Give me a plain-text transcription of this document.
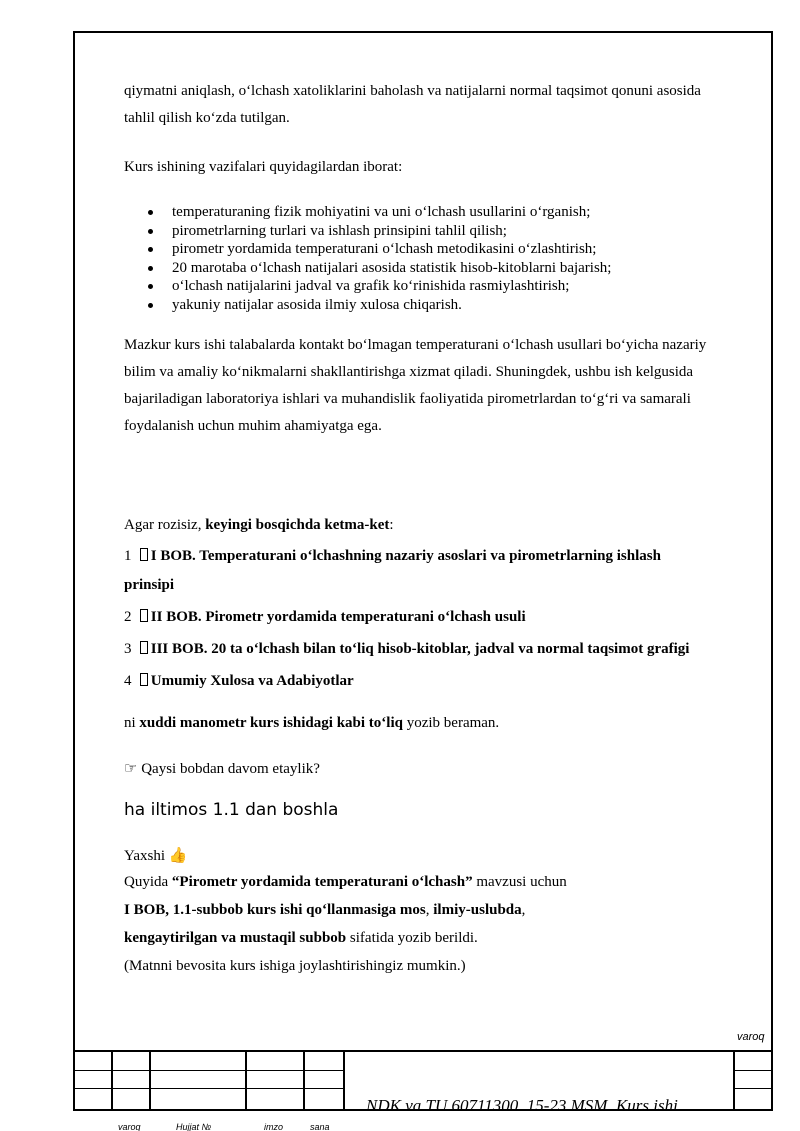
qiymatni aniqlash, o‘lchash xatoliklarini baholash va natijalarni normal taqsimot qonuni asosida tahlil qilish ko‘zda tutilgan.
Kurs ishining vazifalari quyidagilardan iborat:
temperaturaning fizik mohiyatini va uni o‘lchash usullarini o‘rganish;
pirometrlarning turlari va ishlash prinsipini tahlil qilish;
pirometr yordamida temperaturani o‘lchash metodikasini o‘zlashtirish;
20 marotaba o‘lchash natijalari asosida statistik hisob-kitoblarni bajarish;
o‘lchash natijalarini jadval va grafik ko‘rinishida rasmiylashtirish;
yakuniy natijalar asosida ilmiy xulosa chiqarish.
Mazkur kurs ishi talabalarda kontakt bo‘lmagan temperaturani o‘lchash usullari bo‘yicha nazariy bilim va amaliy ko‘nikmalarni shakllantirishga xizmat qiladi. Shuningdek, ushbu ish kelgusida bajariladigan laboratoriya ishlari va muhandislik faoliyatida pirometrlardan to‘g‘ri va samarali foydalanish uchun muhim ahamiyatga ega.
Agar rozisiz, keyingi bosqichda ketma-ket:
1 I BOB. Temperaturani o‘lchashning nazariy asoslari va pirometrlarning ishlash
prinsipi
2 II BOB. Pirometr yordamida temperaturani o‘lchash usuli
3 III BOB. 20 ta o‘lchash bilan to‘liq hisob-kitoblar, jadval va normal taqsimot grafigi
4 Umumiy Xulosa va Adabiyotlar
ni xuddi manometr kurs ishidagi kabi to‘liq yozib beraman.
☞ Qaysi bobdan davom etaylik?
ha iltimos 1.1 dan boshla
Yaxshi 👍
Quyida “Pirometr yordamida temperaturani o‘lchash” mavzusi uchun
I BOB, 1.1-subbob kurs ishi qo‘llanmasiga mos, ilmiy-uslubda,
kengaytirilgan va mustaqil subbob sifatida yozib berildi.
(Matnni bevosita kurs ishiga joylashtirishingiz mumkin.)
varoq
NDK va TU 60711300. 15-23 MSM. Kurs ishi
varoq	Hujjat №	imzo	sana
